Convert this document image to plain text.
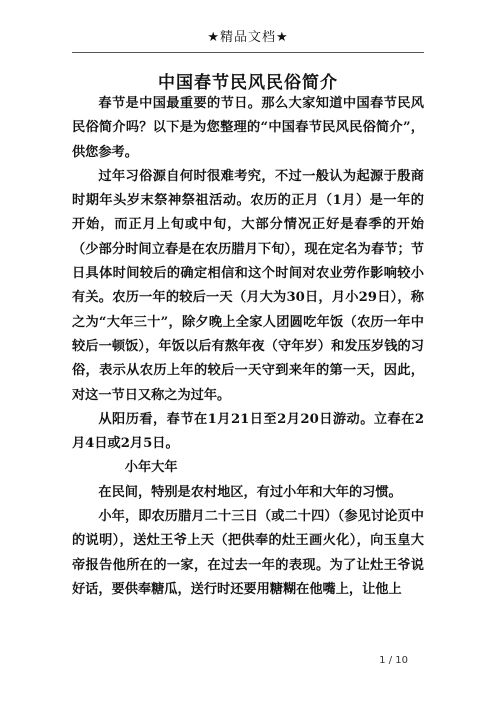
★精品文档★
中国春节民风民俗简介

春节是中国最重要的节日。那么大家知道中国春节民风民俗简介吗？以下是为您整理的“中国春节民风民俗简介”，供您参考。

过年习俗源自何时很难考究，不过一般认为起源于殷商时期年头岁末祭神祭祖活动。农历的正月（1月）是一年的开始，而正月上旬或中旬，大部分情况正好是春季的开始（少部分时间立春是在农历腊月下旬），现在定名为春节；节日具体时间较后的确定相信和这个时间对农业劳作影响较小有关。农历一年的较后一天（月大为30日，月小29日），称之为“大年三十”，除夕晚上全家人团圆吃年饭（农历一年中较后一顿饭），年饭以后有熬年夜（守年岁）和发压岁钱的习俗，表示从农历上年的较后一天守到来年的第一天，因此，对这一节日又称之为过年。

从阳历看，春节在1月21日至2月20日游动。立春在2月4日或2月5日。

小年大年

在民间，特别是农村地区，有过小年和大年的习惯。

小年，即农历腊月二十三日（或二十四）（参见讨论页中的说明），送灶王爷上天（把供奉的灶王画火化），向玉皇大帝报告他所在的一家，在过去一年的表现。为了让灶王爷说好话，要供奉糖瓜，送行时还要用糖糊在他嘴上，让他上

1 / 10
